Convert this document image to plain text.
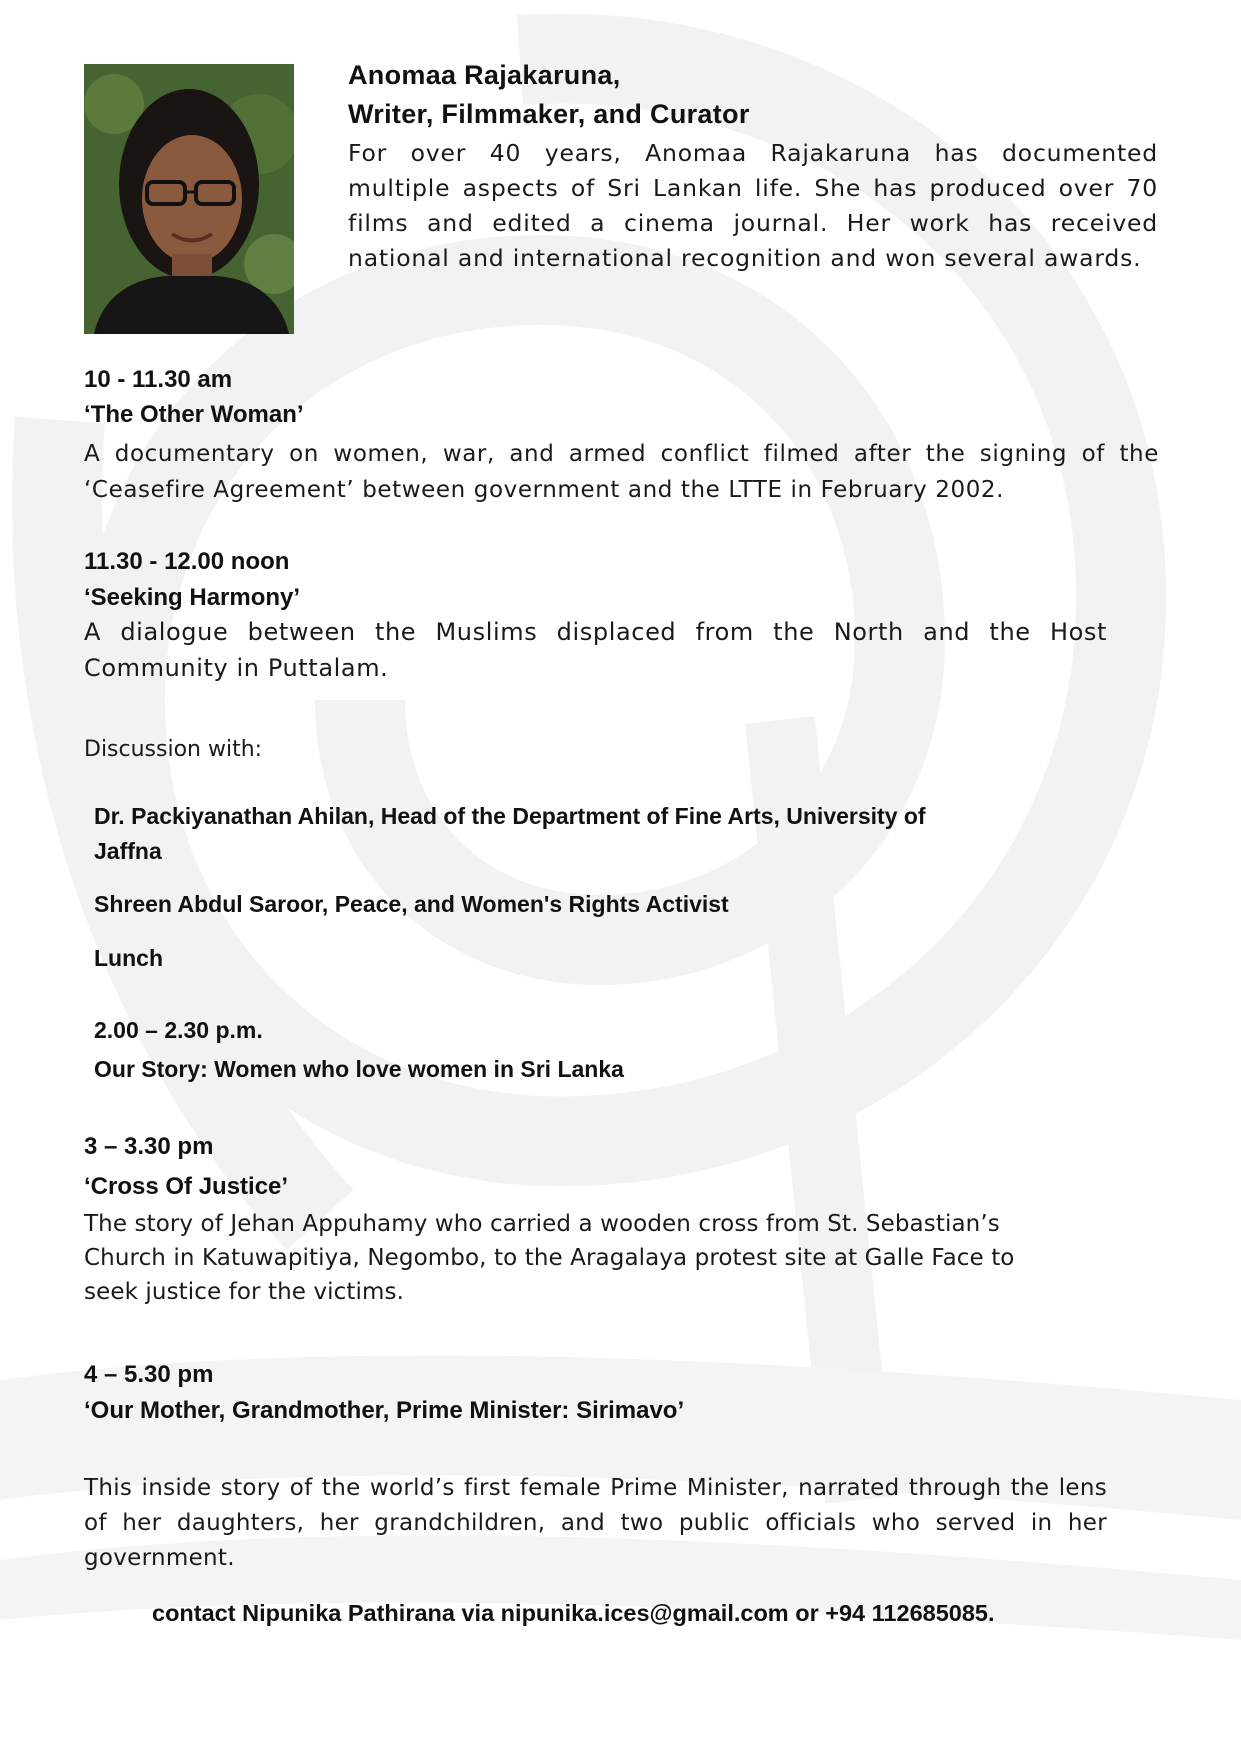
Anomaa Rajakaruna,
Writer, Filmmaker, and Curator
For over 40 years, Anomaa Rajakaruna has documented
multiple aspects of Sri Lankan life. She has produced over 70
films and edited a cinema journal. Her work has received
national and international recognition and won several awards.
10 - 11.30 am
‘The Other Woman’
A documentary on women, war, and armed conflict filmed after the signing of the
‘Ceasefire Agreement’ between government and the LTTE in February 2002.
11.30 - 12.00 noon
‘Seeking Harmony’
A dialogue between the Muslims displaced from the North and the Host
Community in Puttalam.
Discussion with:
Dr. Packiyanathan Ahilan, Head of the Department of Fine Arts, University of
Jaffna
Shreen Abdul Saroor, Peace, and Women's Rights Activist
Lunch
2.00 – 2.30 p.m.
Our Story: Women who love women in Sri Lanka
3 – 3.30 pm
‘Cross Of Justice’
The story of Jehan Appuhamy who carried a wooden cross from St. Sebastian’s
Church in Katuwapitiya, Negombo, to the Aragalaya protest site at Galle Face to
seek justice for the victims.
4 – 5.30 pm
‘Our Mother, Grandmother, Prime Minister: Sirimavo’
This inside story of the world’s first female Prime Minister, narrated through the lens
of her daughters, her grandchildren, and two public officials who served in her
government.
contact Nipunika Pathirana via nipunika.ices@gmail.com or +94 112685085.
